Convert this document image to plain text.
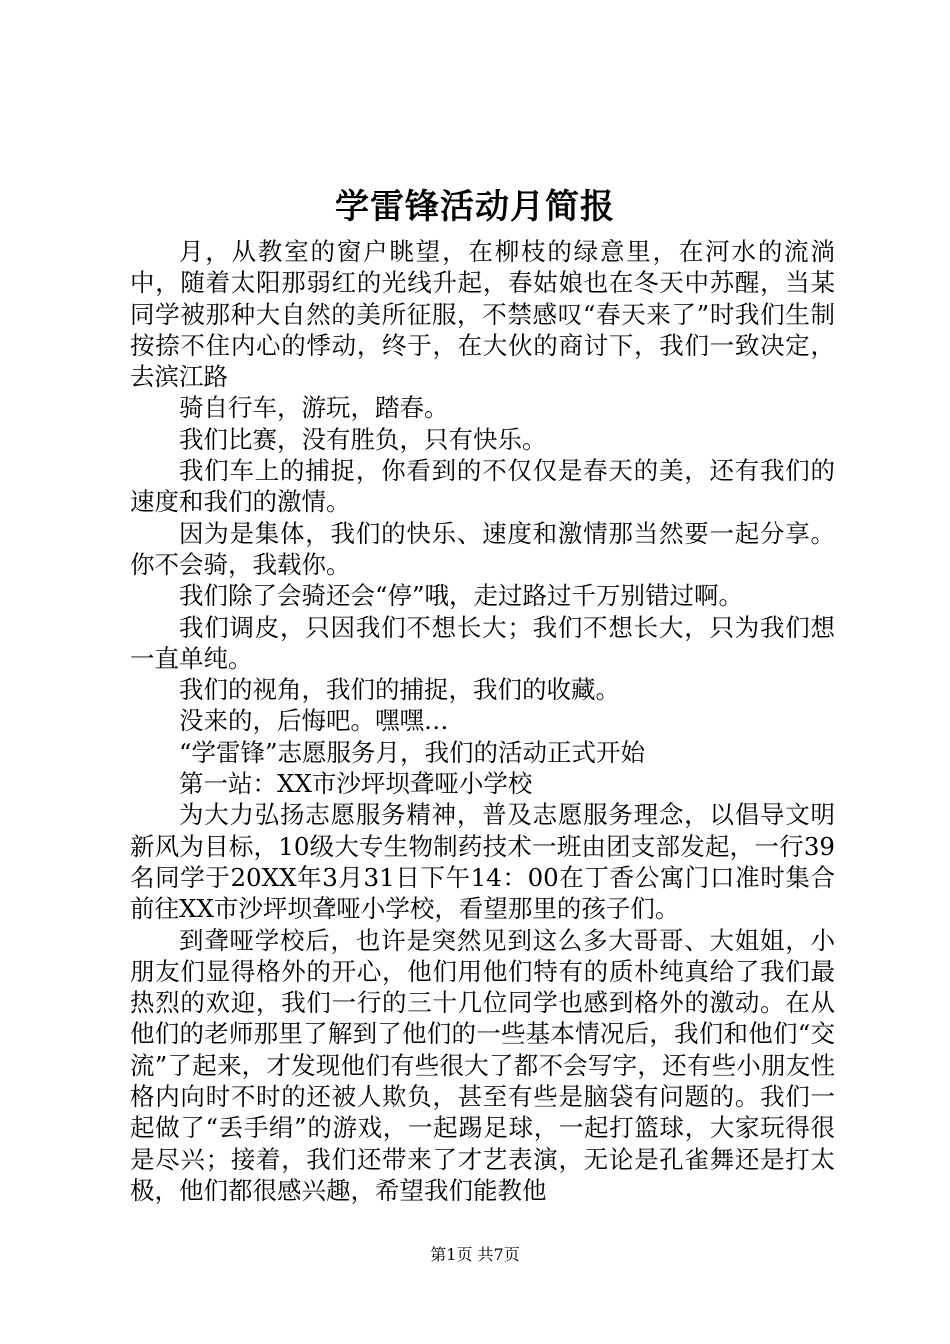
学雷锋活动月简报

月，从教室的窗户眺望，在柳枝的绿意里，在河水的流淌中，随着太阳那弱红的光线升起，春姑娘也在冬天中苏醒，当某同学被那种大自然的美所征服，不禁感叹“春天来了”时我们生制按捺不住内心的悸动，终于，在大伙的商讨下，我们一致决定，去滨江路

骑自行车，游玩，踏春。

我们比赛，没有胜负，只有快乐。

我们车上的捕捉，你看到的不仅仅是春天的美，还有我们的速度和我们的激情。

因为是集体，我们的快乐、速度和激情那当然要一起分享。你不会骑，我载你。

我们除了会骑还会“停”哦，走过路过千万别错过啊。

我们调皮，只因我们不想长大；我们不想长大，只为我们想一直单纯。

我们的视角，我们的捕捉，我们的收藏。

没来的，后悔吧。嘿嘿…

“学雷锋”志愿服务月，我们的活动正式开始

第一站：XX市沙坪坝聋哑小学校

为大力弘扬志愿服务精神，普及志愿服务理念，以倡导文明新风为目标，10级大专生物制药技术一班由团支部发起，一行39名同学于20XX年3月31日下午14：00在丁香公寓门口准时集合前往XX市沙坪坝聋哑小学校，看望那里的孩子们。

到聋哑学校后，也许是突然见到这么多大哥哥、大姐姐，小朋友们显得格外的开心，他们用他们特有的质朴纯真给了我们最热烈的欢迎，我们一行的三十几位同学也感到格外的激动。在从他们的老师那里了解到了他们的一些基本情况后，我们和他们“交流”了起来，才发现他们有些很大了都不会写字，还有些小朋友性格内向时不时的还被人欺负，甚至有些是脑袋有问题的。我们一起做了“丢手绢”的游戏，一起踢足球，一起打篮球，大家玩得很是尽兴；接着，我们还带来了才艺表演，无论是孔雀舞还是打太极，他们都很感兴趣，希望我们能教他

第1页 共7页
